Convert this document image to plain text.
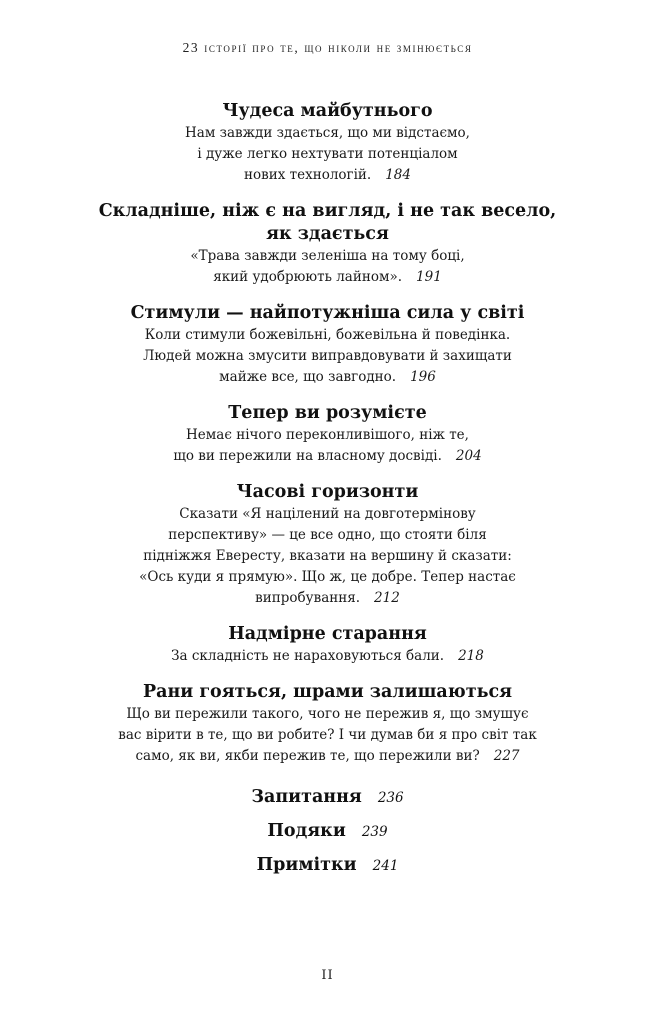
23 історії про те, що ніколи не змінюється
Чудеса майбутнього
Нам завжди здається, що ми відстаємо,
і дуже легко нехтувати потенціалом
нових технологій. 184
Складніше, ніж є на вигляд, і не так весело,
як здається
«Трава завжди зеленіша на тому боці,
який удобрюють лайном». 191
Стимули — найпотужніша сила у світі
Коли стимули божевільні, божевільна й поведінка.
Людей можна змусити виправдовувати й захищати
майже все, що завгодно. 196
Тепер ви розумієте
Немає нічого переконливішого, ніж те,
що ви пережили на власному досвіді. 204
Часові горизонти
Сказати «Я націлений на довготермінову
перспективу» — це все одно, що стояти біля
підніжжя Евересту, вказати на вершину й сказати:
«Ось куди я прямую». Що ж, це добре. Тепер настає
випробування. 212
Надмірне старання
За складність не нараховуються бали. 218
Рани гояться, шрами залишаються
Що ви пережили такого, чого не пережив я, що змушує
вас вірити в те, що ви робите? І чи думав би я про світ так
само, як ви, якби пережив те, що пережили ви? 227
Запитання 236
Подяки 239
Примітки 241
II
